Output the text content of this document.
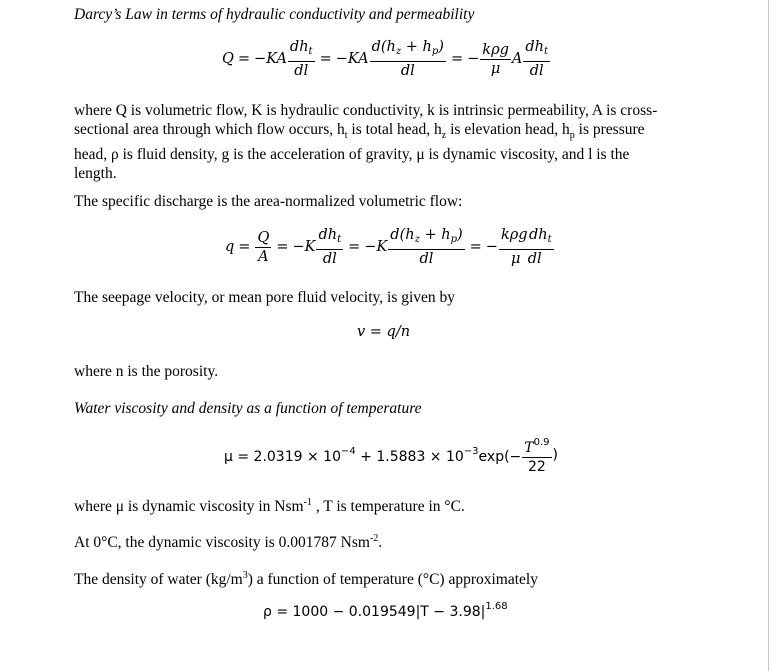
Darcy’s Law in terms of hydraulic conductivity and permeability
$Q = -KA \frac{dh_t}{dl} = -KA \frac{d(h_z + h_p)}{dl}$ = − $\frac{\text{kρg}}{\mu}$ A $\frac{dh_t}{dl}$
where Q is volumetric flow, K is hydraulic conductivity, k is intrinsic permeability, A is cross-sectional area through which flow occurs, $h_t$ is total head, $h_z$ is elevation head, $h_p$ is pressure head, ρ is fluid density, g is the acceleration of gravity, μ is dynamic viscosity, and l is the length.
The specific discharge is the area-normalized volumetric flow:
$q = \frac{Q}{A} = -K \frac{dh_t}{dl} = -K \frac{d(h_z + h_p)}{dl}$ = − $\frac{k\rho g dh_t}{\text{μ  dl}}$
The seepage velocity, or mean pore fluid velocity, is given by
v = q/n
where n is the porosity.
Water viscosity and density as a function of temperature
$\mu = 2.0319 \times 10^{-4} + 1.5883 \times 10^{-3}\exp(- \frac{T^{0.9}}{22}$ )
where μ is dynamic viscosity in Nsm$^{-1}$ , T is temperature in °C.
At 0°C, the dynamic viscosity is 0.001787 Nsm$^{-2}$.
The density of water $(kg/m^3)$ a function of temperature (°C) approximately
$\rho = 1000 - 0.019549|T - 3.98|^{1.68}$
